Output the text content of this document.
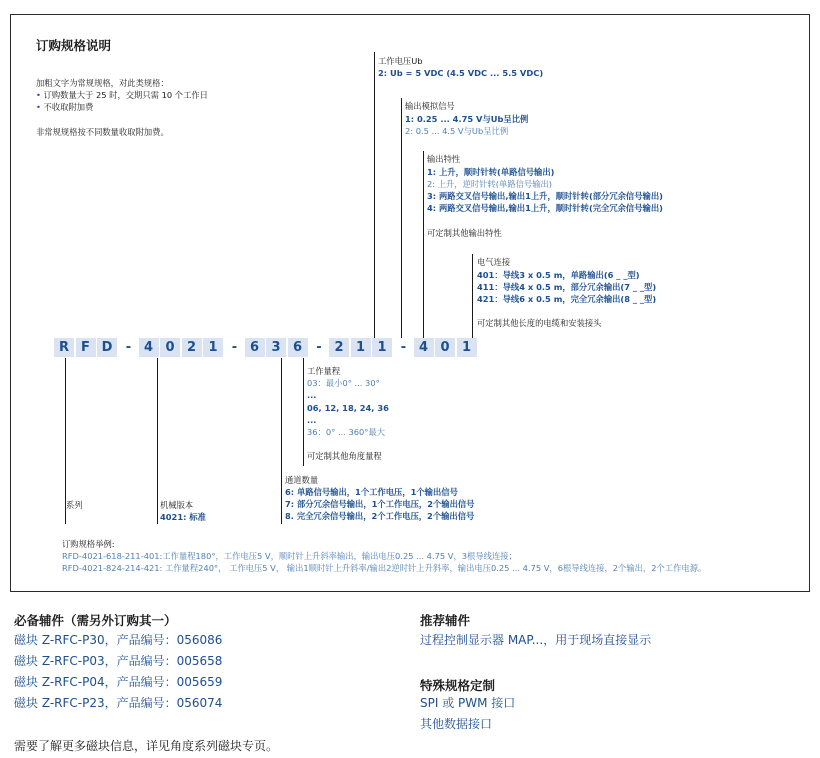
订购规格说明
加粗文字为常规规格，对此类规格：
• 订购数量大于 25 时，交期只需 10 个工作日
• 不收取附加费
非常规规格按不同数量收取附加费。
R F D	- 4 0 2 1	- 6 3 6	- 2 1 1	- 4 0 1
工作电压Ub
2: Ub = 5 VDC (4.5 VDC ... 5.5 VDC)
输出模拟信号
1: 0.25 ... 4.75 V与Ub呈比例
2: 0.5 ... 4.5 V与Ub呈比例
输出特性
1: 上升，顺时针转(单路信号输出)
2: 上升，逆时针转(单路信号输出)
3: 两路交叉信号输出,输出1上升，顺时针转(部分冗余信号输出)
4: 两路交叉信号输出,输出1上升，顺时针转(完全冗余信号输出)
可定制其他输出特性
电气连接
401：导线3 x 0.5 m，单路输出(6 _ _型)
411：导线4 x 0.5 m，部分冗余输出(7 _ _型)
421：导线6 x 0.5 m，完全冗余输出(8 _ _型)
可定制其他长度的电缆和安装接头
工作量程
03：最小0° ... 30°
...
06, 12, 18, 24, 36
...
36：0° ... 360°最大
可定制其他角度量程
通道数量
6: 单路信号输出，1个工作电压，1个输出信号
7: 部分冗余信号输出，1个工作电压，2个输出信号
8. 完全冗余信号输出，2个工作电压，2个输出信号
系列	机械版本
4021: 标准
订购规格举例:
RFD-4021-618-211-401:工作量程180°，工作电压5 V，顺时针上升斜率输出，输出电压0.25 ... 4.75 V，3根导线连接；
RFD-4021-824-214-421: 工作量程240°， 工作电压5 V， 输出1顺时针上升斜率/输出2逆时针上升斜率，输出电压0.25 ... 4.75 V，6根导线连接，2个输出，2个工作电源。
必备辅件（需另外订购其一）
磁块 Z-RFC-P30，产品编号：056086
磁块 Z-RFC-P03，产品编号：005658
磁块 Z-RFC-P04，产品编号：005659
磁块 Z-RFC-P23，产品编号：056074
需要了解更多磁块信息，详见角度系列磁块专页。
推荐辅件
过程控制显示器 MAP...，用于现场直接显示
特殊规格定制
SPI 或 PWM 接口
其他数据接口
